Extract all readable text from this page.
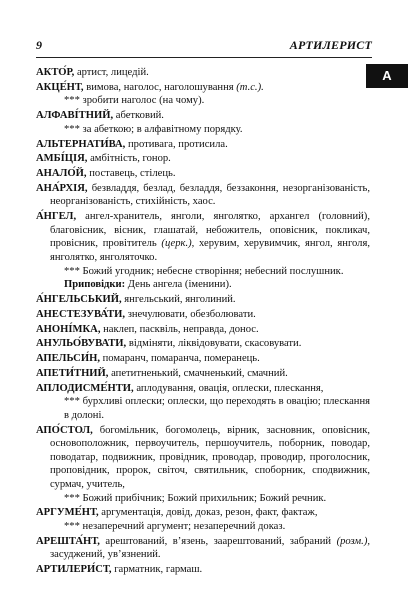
9	АРТИЛЕРИСТ
А

АКТО́Р, артист, лицедій.

АКЦЕ́НТ, вимова, наголос, наголошування (т.с.).
*** зробити наголос (на чому).

АЛФАВІ́ТНИЙ, абетковий.
*** за абеткою; в алфавітному порядку.

АЛЬТЕРНАТИ́ВА, противага, протисила.

АМБІ́ЦІЯ, амбітність, гонор.

АНАЛО́Й, поставець, стілець.

АНА́РХІЯ, безвладдя, безлад, безладдя, беззаконня, незорганізованість, неорганізованість, стихійність, хаос.

А́НГЕЛ, ангел-хранитель, янголи, янголятко, архангел (головний), благовісник, вісник, глашатай, небожитель, оповісник, покликач, провісник, провітитель (церк.), херувим, херувимчик, янгол, янголя, янголятко, янголяточко.
*** Божий угодник; небесне створіння; небесний послушник.
Приповідки: День ангела (іменини).

А́НГЕЛЬСЬКИЙ, янгельський, янголиний.

АНЕСТЕЗУВА́ТИ, знечулювати, обезболювати.

АНОНІ́МКА, наклеп, пасквіль, неправда, донос.

АНУЛЬО́ВУВАТИ, відміняти, ліквідовувати, скасовувати.

АПЕЛЬСИ́Н, помаранч, помаранча, померанець.

АПЕТИ́ТНИЙ, апетитненький, смачненький, смачний.

АПЛОДИСМЕ́НТИ, аплодування, овація, оплески, плескання,
*** бурхливі оплески; оплески, що переходять в овацію; плескання в долоні.

АПО́СТОЛ, богомільник, богомолець, вірник, засновник, оповісник, основоположник, первоучитель, першоучитель, поборник, поводар, поводатар, подвижник, провідник, проводар, проводир, проголосник, проповідник, пророк, світоч, святильник, споборник, сподвижник, сурмач, учитель,
*** Божий прибічник; Божий прихильник; Божий речник.

АРГУМЕ́НТ, аргументація, довід, доказ, резон, факт, фактаж,
*** незаперечний аргумент; незаперечний доказ.

АРЕШТА́НТ, арештований, в’язень, заарештований, забраний (розм.), засуджений, ув’язнений.

АРТИЛЕРИ́СТ, гарматник, гармаш.
